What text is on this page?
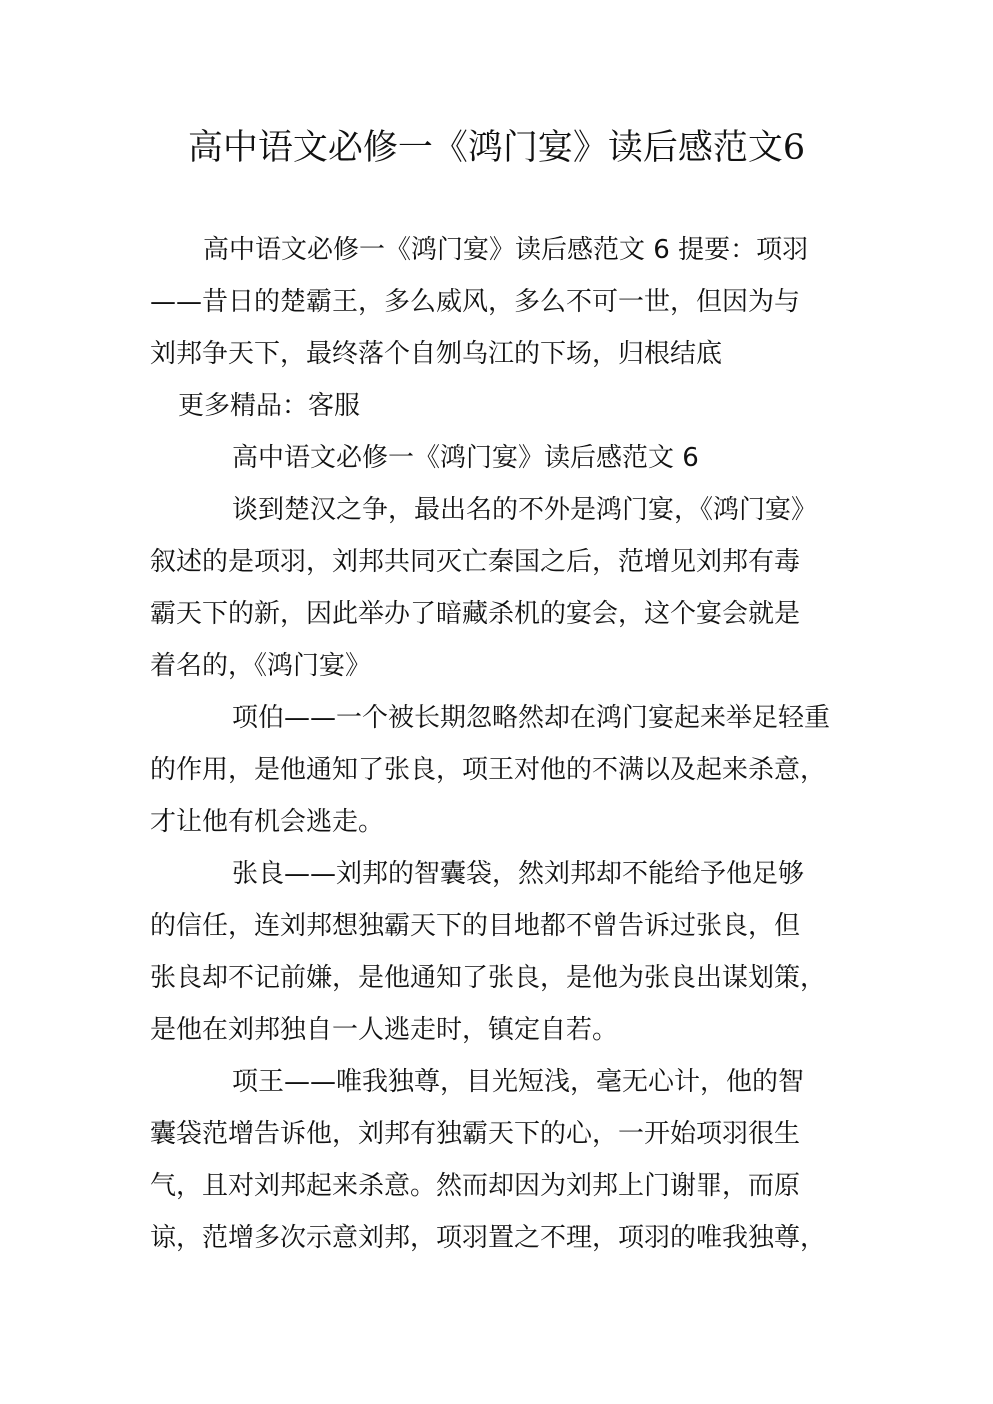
高中语文必修一《鸿门宴》读后感范文6
高中语文必修一《鸿门宴》读后感范文 6 提要：项羽
——昔日的楚霸王，多么威风，多么不可一世，但因为与
刘邦争天下，最终落个自刎乌江的下场，归根结底
更多精品：客服
高中语文必修一《鸿门宴》读后感范文 6
谈到楚汉之争，最出名的不外是鸿门宴，《鸿门宴》
叙述的是项羽，刘邦共同灭亡秦国之后，范增见刘邦有毒
霸天下的新，因此举办了暗藏杀机的宴会，这个宴会就是
着名的，《鸿门宴》
项伯——一个被长期忽略然却在鸿门宴起来举足轻重
的作用，是他通知了张良，项王对他的不满以及起来杀意，
才让他有机会逃走。
张良——刘邦的智囊袋，然刘邦却不能给予他足够
的信任，连刘邦想独霸天下的目地都不曾告诉过张良，但
张良却不记前嫌，是他通知了张良，是他为张良出谋划策，
是他在刘邦独自一人逃走时，镇定自若。
项王——唯我独尊，目光短浅，毫无心计，他的智
囊袋范增告诉他，刘邦有独霸天下的心，一开始项羽很生
气，且对刘邦起来杀意。然而却因为刘邦上门谢罪，而原
谅，范增多次示意刘邦，项羽置之不理，项羽的唯我独尊，
